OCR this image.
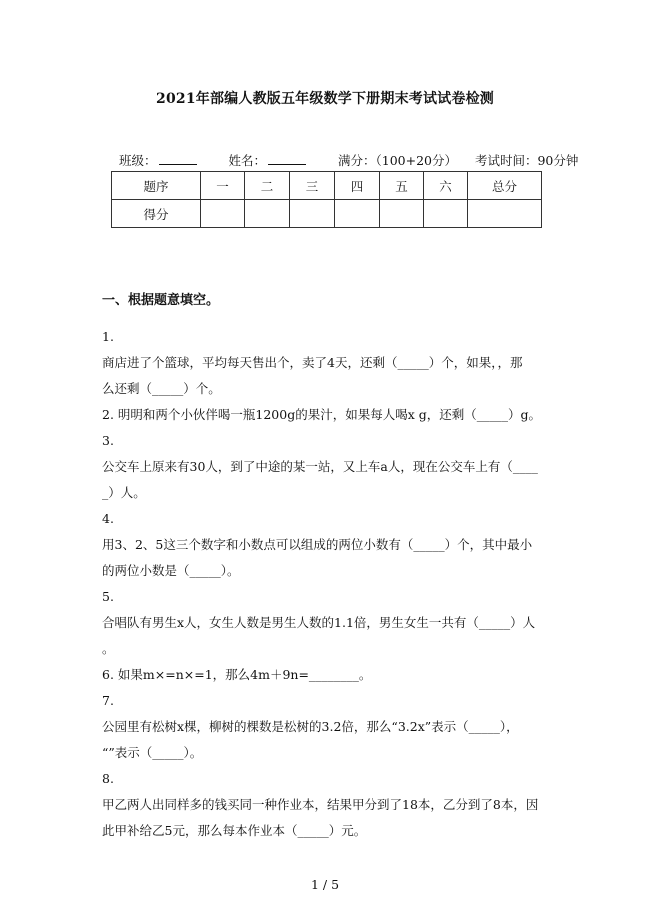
2021年部编人教版五年级数学下册期末考试试卷检测
班级：	姓名：	满分：（100+20分） 考试时间：90分钟
题序	一	二	三	四	五	六	总分
得分							
一、根据题意填空。
1.
商店进了个篮球，平均每天售出个，卖了4天，还剩（_____）个，如果，，那
么还剩（_____）个。
2. 明明和两个小伙伴喝一瓶1200g的果汁，如果每人喝x g，还剩（_____）g。
3.
公交车上原来有30人，到了中途的某一站，又上车a人，现在公交车上有（____
_）人。
4.
用3、2、5这三个数字和小数点可以组成的两位小数有（_____）个，其中最小
的两位小数是（_____）。
5.
合唱队有男生x人，女生人数是男生人数的1.1倍，男生女生一共有（_____）人
。
6. 如果m×=n×=1，那么4m＋9n=________。
7.
公园里有松树x棵，柳树的棵数是松树的3.2倍，那么“3.2x”表示（_____），
“”表示（_____）。
8.
甲乙两人出同样多的钱买同一种作业本，结果甲分到了18本，乙分到了8本，因
此甲补给乙5元，那么每本作业本（_____）元。
1 / 5
